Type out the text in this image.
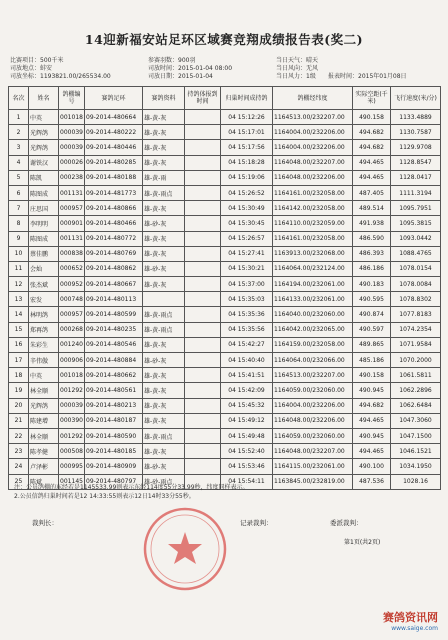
14迎新福安站足环区域赛竞翔成绩报告表(奖二)
比赛项目：500千米
司放地点：蚌安
司放坐标：1193821.00/265534.00
参赛羽数：900羽
司放时间：2015-01-04 08:00
司放日期：2015-01-04
当日天气：晴天
当日风向：无风
当日风力：1级 报表时间：2015年01月08日
名次	姓名	鸽棚编号	赛鸽足环	赛鸽资料	持鸽体报到时间	归巢时间成持鸽	鸽棚经纬度	实际空距(千米)	飞行速度(米/分)
1	中英	001018	09-2014-480664	雄-黄-灰		04 15:12:26	1164513.00/232207.00	490.158	1133.4889
2	光辉鸽	000039	09-2014-480222	雄-黄-灰		04 15:17:01	1164004.00/232206.00	494.682	1130.7587
3	光辉鸽	000039	09-2014-480446	雄-黄-灰		04 15:17:56	1164004.00/232206.00	494.682	1129.9708
4	谢铁汉	000026	09-2014-480285	雄-黄-灰		04 15:18:28	1164048.00/232207.00	494.465	1128.8547
5	陈凯	000238	09-2014-480188	雄-黄-雨		04 15:19:06	1164048.00/232206.00	494.465	1128.0417
6	陈图成	001131	09-2014-481773	雄-黄-雨点		04 15:26:52	1164161.00/232058.00	487.405	1111.3194
7	庄思国	000957	09-2014-480866	雄-黄-灰		04 15:30:49	1164142.00/232058.00	489.514	1095.7951
8	李明明	000901	09-2014-480466	雄-砂-灰		04 15:30:45	1164110.00/232059.00	491.938	1095.3815
9	陈图成	001131	09-2014-480772	雄-黄-灰		04 15:26:57	1164161.00/232058.00	486.590	1093.0442
10	蔡佳鹏	000838	09-2014-480769	雄-黄-灰		04 15:27:41	1163913.00/232068.00	486.393	1088.4765
11	会灿	000652	09-2014-480862	雄-砂-灰		04 15:30:21	1164064.00/232124.00	486.186	1078.0154
12	张杰斌	000952	09-2014-480667	雄-黄-灰		04 15:37:00	1164194.00/232061.00	490.183	1078.0084
13	宏发	000748	09-2014-480113			04 15:35:03	1164133.00/232061.00	490.595	1078.8302
14	林明鸽	000957	09-2014-480599	雄-黄-雨点		04 15:35:36	1164040.00/232060.00	490.874	1077.8183
15	郑再鸽	000268	09-2014-480235	雄-黄-雨点		04 15:35:56	1164042.00/232065.00	490.597	1074.2354
16	朱彩生	001240	09-2014-480546	雄-黄-灰		04 15:42:27	1164159.00/232058.00	489.865	1071.9584
17	辛伟傲	000906	09-2014-480884	雄-砂-灰		04 15:40:40	1164064.00/232066.00	485.186	1070.2000
18	中英	001018	09-2014-480662	雄-黄-灰		04 15:41:51	1164513.00/232207.00	490.158	1061.5811
19	林全顺	001292	09-2014-480561	雄-黄-灰		04 15:42:09	1164059.00/232060.00	490.945	1062.2896
20	光辉鸽	000039	09-2014-480213	雄-黄-灰		04 15:45:32	1164004.00/232206.00	494.682	1062.6484
21	陈建增	000390	09-2014-480187	雄-黄-灰		04 15:49:12	1164048.00/232206.00	494.465	1047.3060
22	林全顺	001292	09-2014-480590	雄-黄-雨点		04 15:49:48	1164059.00/232060.00	490.945	1047.1500
23	陈孝健	000508	09-2014-480185	雄-黄-灰		04 15:52:40	1164048.00/232207.00	494.465	1046.1521
24	卢泽彬	000995	09-2014-480909	雄-砂-灰		04 15:53:46	1164115.00/232061.00	490.100	1034.1950
25	陈斌	001145	09-2014-480797	雄-砂-雨点		04 15:54:11	1163845.00/232819.00	487.536	1028.16
注：公员鸽棚的东经若是1145533.99则表示东经114度55分33.99秒，纬度同样表示。
2.公员信鸽归巢时间若是12 14:33:55则表示12日14时33分55秒。
裁判长：	记录裁判：	委派裁判：
第1页(共2页)
赛鸽资讯网
www.saige.com
